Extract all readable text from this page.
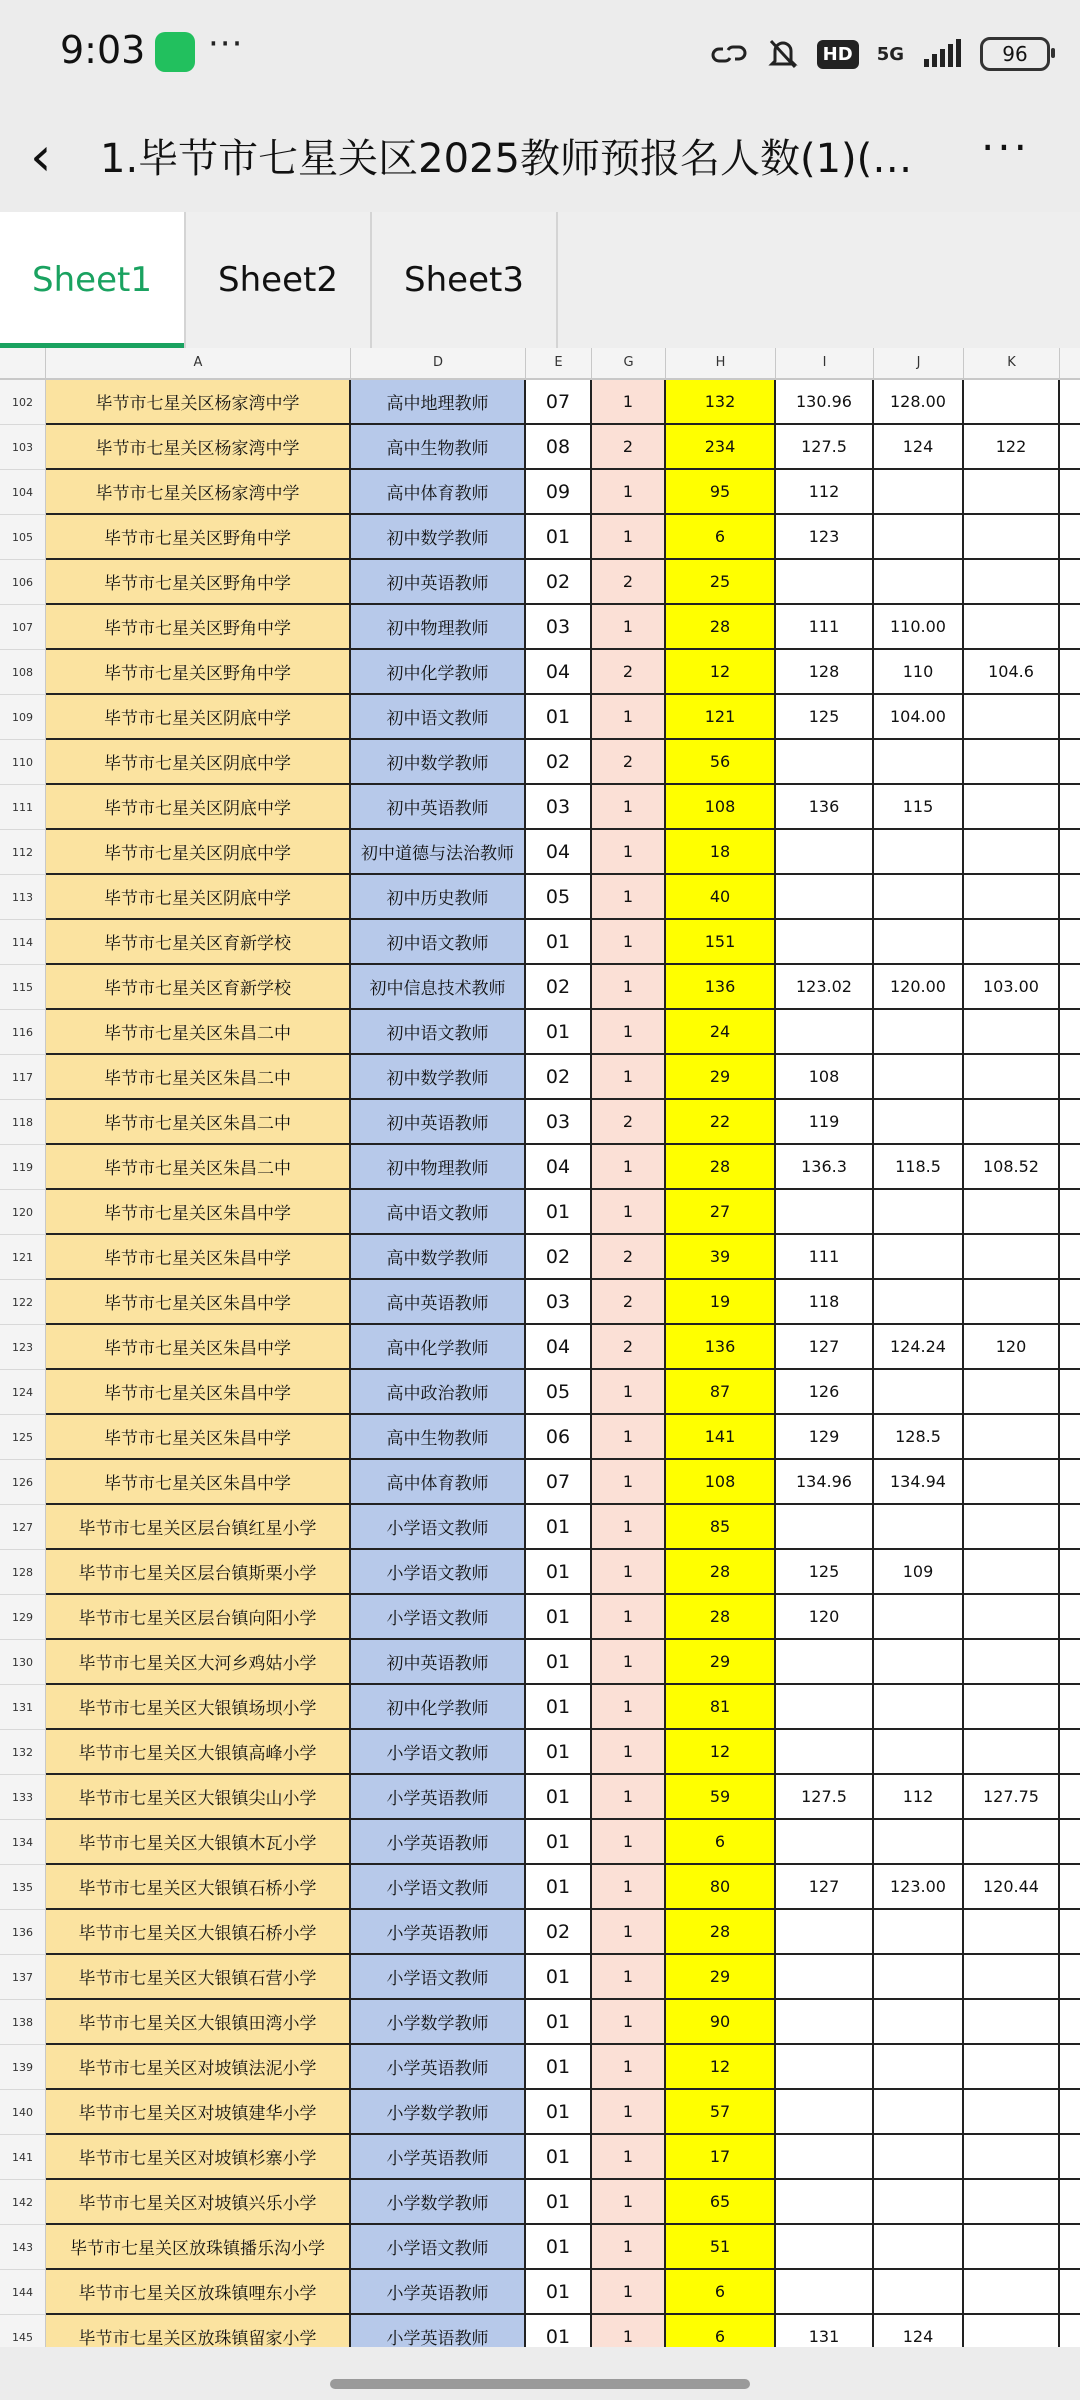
9:03 ···	HD	5G	96
‹ 1.毕节市七星关区2025教师预报名人数(1)(…	···
Sheet1	Sheet2	Sheet3
A	D	E	G	H	I	J	K
102	毕节市七星关区杨家湾中学	高中地理教师	07	1	132	130.96	128.00
103	毕节市七星关区杨家湾中学	高中生物教师	08	2	234	127.5	124	122
104	毕节市七星关区杨家湾中学	高中体育教师	09	1	95	112
105	毕节市七星关区野角中学	初中数学教师	01	1	6	123
106	毕节市七星关区野角中学	初中英语教师	02	2	25
107	毕节市七星关区野角中学	初中物理教师	03	1	28	111	110.00
108	毕节市七星关区野角中学	初中化学教师	04	2	12	128	110	104.6
109	毕节市七星关区阴底中学	初中语文教师	01	1	121	125	104.00
110	毕节市七星关区阴底中学	初中数学教师	02	2	56
111	毕节市七星关区阴底中学	初中英语教师	03	1	108	136	115
112	毕节市七星关区阴底中学	初中道德与法治教师	04	1	18
113	毕节市七星关区阴底中学	初中历史教师	05	1	40
114	毕节市七星关区育新学校	初中语文教师	01	1	151
115	毕节市七星关区育新学校	初中信息技术教师	02	1	136	123.02	120.00	103.00
116	毕节市七星关区朱昌二中	初中语文教师	01	1	24
117	毕节市七星关区朱昌二中	初中数学教师	02	1	29	108
118	毕节市七星关区朱昌二中	初中英语教师	03	2	22	119
119	毕节市七星关区朱昌二中	初中物理教师	04	1	28	136.3	118.5	108.52
120	毕节市七星关区朱昌中学	高中语文教师	01	1	27
121	毕节市七星关区朱昌中学	高中数学教师	02	2	39	111
122	毕节市七星关区朱昌中学	高中英语教师	03	2	19	118
123	毕节市七星关区朱昌中学	高中化学教师	04	2	136	127	124.24	120
124	毕节市七星关区朱昌中学	高中政治教师	05	1	87	126
125	毕节市七星关区朱昌中学	高中生物教师	06	1	141	129	128.5
126	毕节市七星关区朱昌中学	高中体育教师	07	1	108	134.96	134.94
127	毕节市七星关区层台镇红星小学	小学语文教师	01	1	85
128	毕节市七星关区层台镇斯栗小学	小学语文教师	01	1	28	125	109
129	毕节市七星关区层台镇向阳小学	小学语文教师	01	1	28	120
130	毕节市七星关区大河乡鸡姑小学	初中英语教师	01	1	29
131	毕节市七星关区大银镇场坝小学	初中化学教师	01	1	81
132	毕节市七星关区大银镇高峰小学	小学语文教师	01	1	12
133	毕节市七星关区大银镇尖山小学	小学英语教师	01	1	59	127.5	112	127.75
134	毕节市七星关区大银镇木瓦小学	小学英语教师	01	1	6
135	毕节市七星关区大银镇石桥小学	小学语文教师	01	1	80	127	123.00	120.44
136	毕节市七星关区大银镇石桥小学	小学英语教师	02	1	28
137	毕节市七星关区大银镇石营小学	小学语文教师	01	1	29
138	毕节市七星关区大银镇田湾小学	小学数学教师	01	1	90
139	毕节市七星关区对坡镇法泥小学	小学英语教师	01	1	12
140	毕节市七星关区对坡镇建华小学	小学数学教师	01	1	57
141	毕节市七星关区对坡镇杉寨小学	小学英语教师	01	1	17
142	毕节市七星关区对坡镇兴乐小学	小学数学教师	01	1	65
143	毕节市七星关区放珠镇播乐沟小学	小学语文教师	01	1	51
144	毕节市七星关区放珠镇哩东小学	小学英语教师	01	1	6
145	毕节市七星关区放珠镇留家小学	小学英语教师	01	1	6	131	124
